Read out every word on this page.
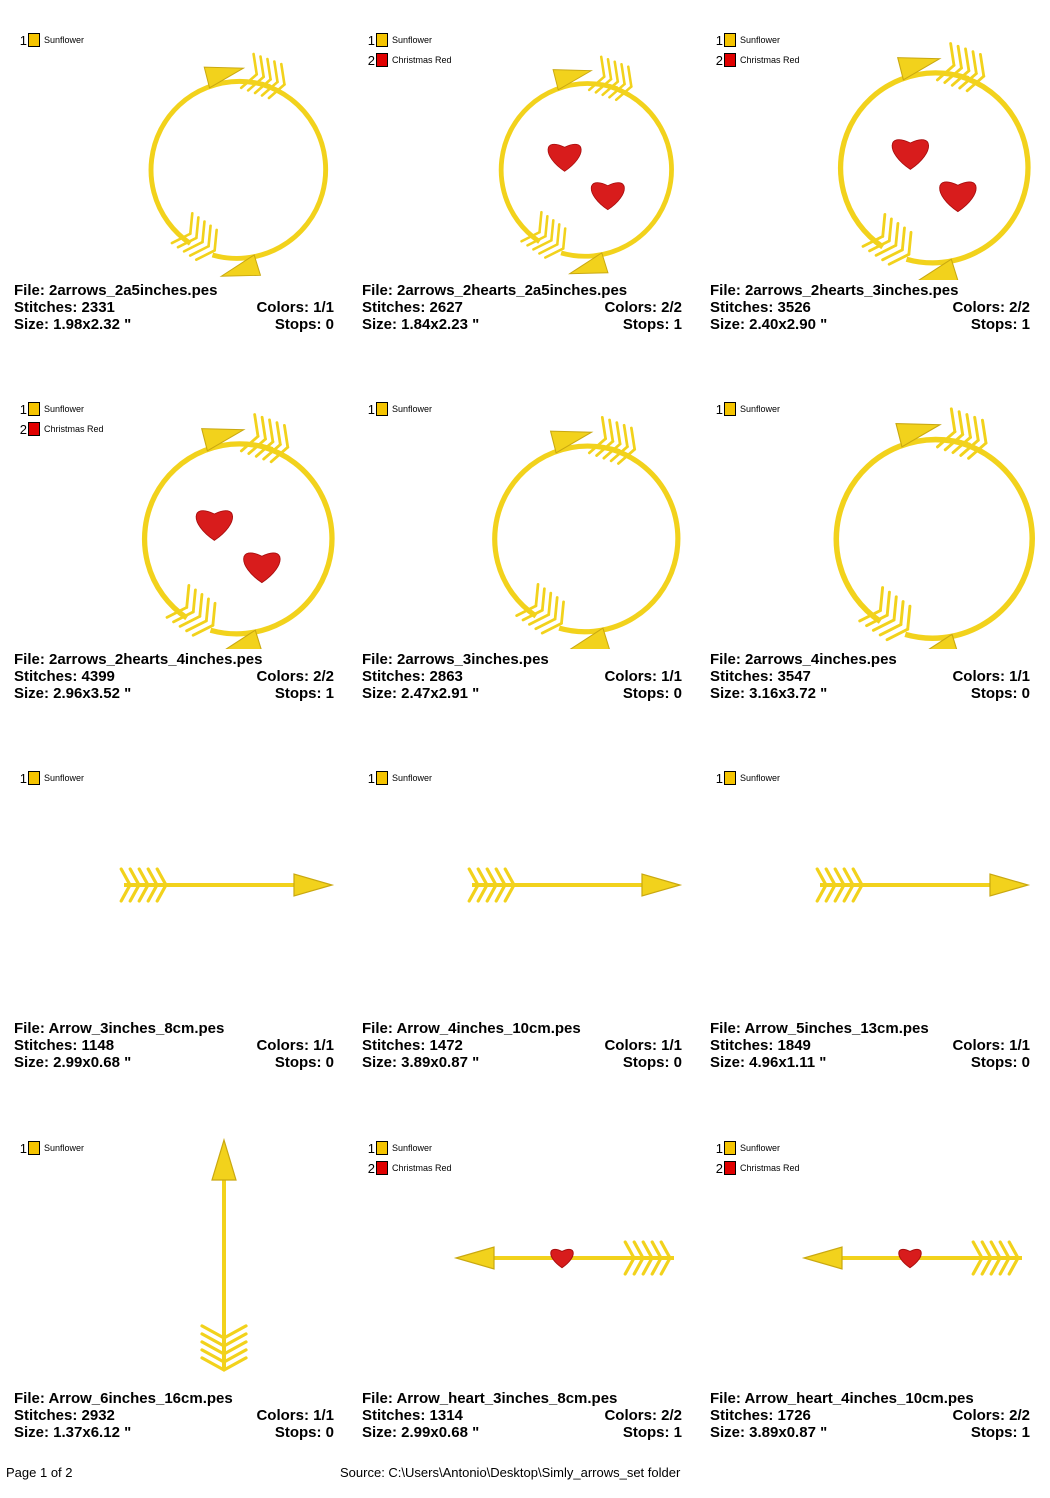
1 Sunflower
File: 2arrows_2a5inches.pes
Stitches: 2331	Colors: 1/1
Size: 1.98x2.32 "	Stops: 0
1 Sunflower
2 Christmas Red
File: 2arrows_2hearts_2a5inches.pes
Stitches: 2627	Colors: 2/2
Size: 1.84x2.23 "	Stops: 1
1 Sunflower
2 Christmas Red
File: 2arrows_2hearts_3inches.pes
Stitches: 3526	Colors: 2/2
Size: 2.40x2.90 "	Stops: 1
1 Sunflower
2 Christmas Red
File: 2arrows_2hearts_4inches.pes
Stitches: 4399	Colors: 2/2
Size: 2.96x3.52 "	Stops: 1
1 Sunflower
File: 2arrows_3inches.pes
Stitches: 2863	Colors: 1/1
Size: 2.47x2.91 "	Stops: 0
1 Sunflower
File: 2arrows_4inches.pes
Stitches: 3547	Colors: 1/1
Size: 3.16x3.72 "	Stops: 0
1 Sunflower
File: Arrow_3inches_8cm.pes
Stitches: 1148	Colors: 1/1
Size: 2.99x0.68 "	Stops: 0
1 Sunflower
File: Arrow_4inches_10cm.pes
Stitches: 1472	Colors: 1/1
Size: 3.89x0.87 "	Stops: 0
1 Sunflower
File: Arrow_5inches_13cm.pes
Stitches: 1849	Colors: 1/1
Size: 4.96x1.11 "	Stops: 0
1 Sunflower
File: Arrow_6inches_16cm.pes
Stitches: 2932	Colors: 1/1
Size: 1.37x6.12 "	Stops: 0
1 Sunflower
2 Christmas Red
File: Arrow_heart_3inches_8cm.pes
Stitches: 1314	Colors: 2/2
Size: 2.99x0.68 "	Stops: 1
1 Sunflower
2 Christmas Red
File: Arrow_heart_4inches_10cm.pes
Stitches: 1726	Colors: 2/2
Size: 3.89x0.87 "	Stops: 1
Page 1 of 2	Source: C:\Users\Antonio\Desktop\Simly_arrows_set folder
